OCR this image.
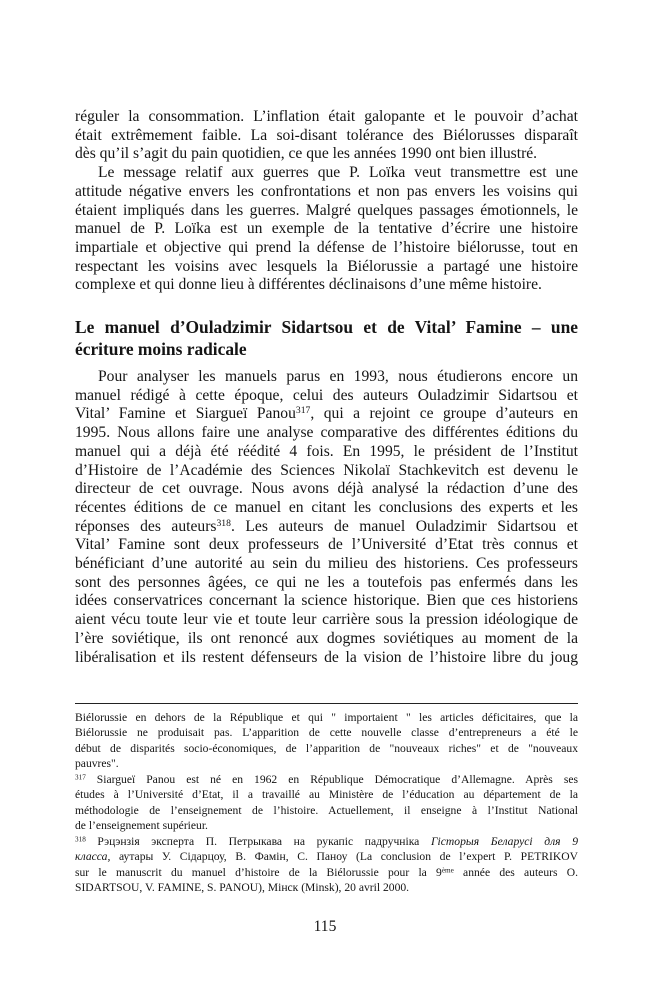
réguler la consommation. L’inflation était galopante et le pouvoir d’achat
était extrêmement faible. La soi-disant tolérance des Biélorusses disparaît
dès qu’il s’agit du pain quotidien, ce que les années 1990 ont bien illustré.
Le message relatif aux guerres que P. Loïka veut transmettre est une
attitude négative envers les confrontations et non pas envers les voisins qui
étaient impliqués dans les guerres. Malgré quelques passages émotionnels, le
manuel de P. Loïka est un exemple de la tentative d’écrire une histoire
impartiale et objective qui prend la défense de l’histoire biélorusse, tout en
respectant les voisins avec lesquels la Biélorussie a partagé une histoire
complexe et qui donne lieu à différentes déclinaisons d’une même histoire.
Le manuel d’Ouladzimir Sidartsou et de Vital’ Famine – une
écriture moins radicale
Pour analyser les manuels parus en 1993, nous étudierons encore un
manuel rédigé à cette époque, celui des auteurs Ouladzimir Sidartsou et
Vital’ Famine et Siargueï Panou$^{317}$, qui a rejoint ce groupe d’auteurs en
1995. Nous allons faire une analyse comparative des différentes éditions du
manuel qui a déjà été réédité 4 fois. En 1995, le président de l’Institut
d’Histoire de l’Académie des Sciences Nikolaï Stachkevitch est devenu le
directeur de cet ouvrage. Nous avons déjà analysé la rédaction d’une des
récentes éditions de ce manuel en citant les conclusions des experts et les
réponses des auteurs$^{318}$. Les auteurs de manuel Ouladzimir Sidartsou et
Vital’ Famine sont deux professeurs de l’Université d’Etat très connus et
bénéficiant d’une autorité au sein du milieu des historiens. Ces professeurs
sont des personnes âgées, ce qui ne les a toutefois pas enfermés dans les
idées conservatrices concernant la science historique. Bien que ces historiens
aient vécu toute leur vie et toute leur carrière sous la pression idéologique de
l’ère soviétique, ils ont renoncé aux dogmes soviétiques au moment de la
libéralisation et ils restent défenseurs de la vision de l’histoire libre du joug
Biélorussie en dehors de la République et qui " importaient " les articles déficitaires, que la
Biélorussie ne produisait pas. L’apparition de cette nouvelle classe d’entrepreneurs a été le
début de disparités socio-économiques, de l’apparition de "nouveaux riches" et de "nouveaux
pauvres".
$^{317}$ Siargueï Panou est né en 1962 en République Démocratique d’Allemagne. Après ses
études à l’Université d’Etat, il a travaillé au Ministère de l’éducation au département de la
méthodologie de l’enseignement de l’histoire. Actuellement, il enseigne à l’Institut National
de l’enseignement supérieur.
$^{318}$ Рэцэнзія эксперта П. Петрыкава на рукапіс падручніка Гісторыя Беларусі для 9
класса, аутары У. Сідарцоу, В. Фамін, С. Паноу (La conclusion de l’expert P. PETRIKOV
sur le manuscrit du manuel d’histoire de la Biélorussie pour la 9ème année des auteurs O.
SIDARTSOU, V. FAMINE, S. PANOU), Мінск (Minsk), 20 avril 2000.
115
